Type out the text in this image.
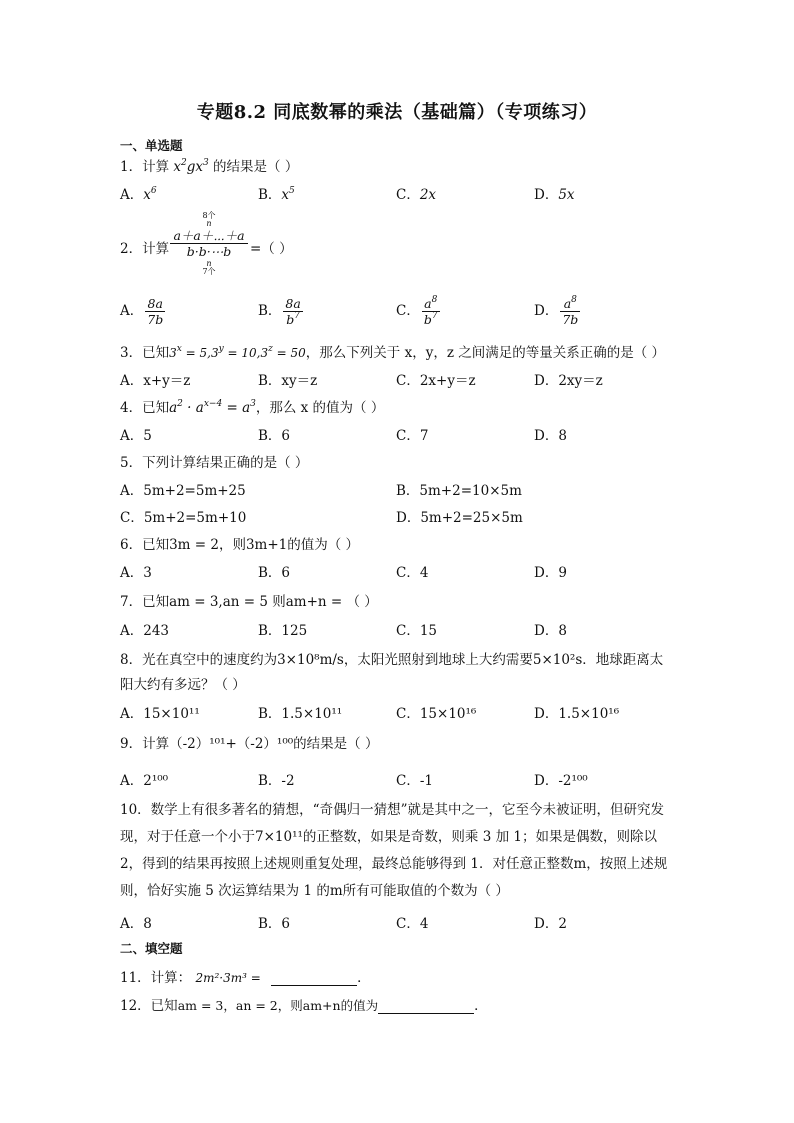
专题8.2 同底数幂的乘法（基础篇）（专项练习）
一、单选题
1．计算 $x^2gx^3$ 的结果是（ ）
A．$x^6$	B．$x^5$	C．2x	D．5x
2．计算
8个
n
a＋a＋⋯＋a
b·b·⋯b
n
7个
=（ ）
A． $\frac{8a}{7b}$	B． $\frac{8a}{b^7}$	C． $\frac{a^8}{b^7}$	D． $\frac{a^8}{7b}$
3．已知$3^x = 5,3^y = 10,3^z = 50$，那么下列关于 x，y，z 之间满足的等量关系正确的是（ ）
A．x+y＝z	B．xy＝z	C．2x+y＝z	D．2xy＝z
4．已知$a^2 \cdot a^{x-4} = a^3$，那么 x 的值为（ ）
A．5	B．6	C．7	D．8
5．下列计算结果正确的是（ ）
A．5m+2=5m+25	B．5m+2=10×5m
C．5m+2=5m+10	D．5m+2=25×5m
6．已知3m = 2，则3m+1的值为（ ）
A．3	B．6	C．4	D．9
7．已知am = 3,an = 5 则am+n = （ ）
A．243	B．125	C．15	D．8
8．光在真空中的速度约为3×10⁸m/s，太阳光照射到地球上大约需要5×10²s．地球距离太
阳大约有多远？（ ）
A．15×10¹¹	B．1.5×10¹¹	C．15×10¹⁶	D．1.5×10¹⁶
9．计算（-2）¹⁰¹+（-2）¹⁰⁰的结果是（ ）
A．2¹⁰⁰	B．-2	C．-1	D．-2¹⁰⁰
10．数学上有很多著名的猜想，“奇偶归一猜想”就是其中之一，它至今未被证明，但研究发现，对于任意一个小于7×10¹¹的正整数，如果是奇数，则乘 3 加 1；如果是偶数，则除以 2，得到的结果再按照上述规则重复处理，最终总能够得到 1．对任意正整数m，按照上述规则，恰好实施 5 次运算结果为 1 的m所有可能取值的个数为（ ）
A．8	B．6	C．4	D．2
二、填空题
11．计算： 2m²·3m³ =	．
12．已知am = 3，an = 2，则am+n的值为	．
